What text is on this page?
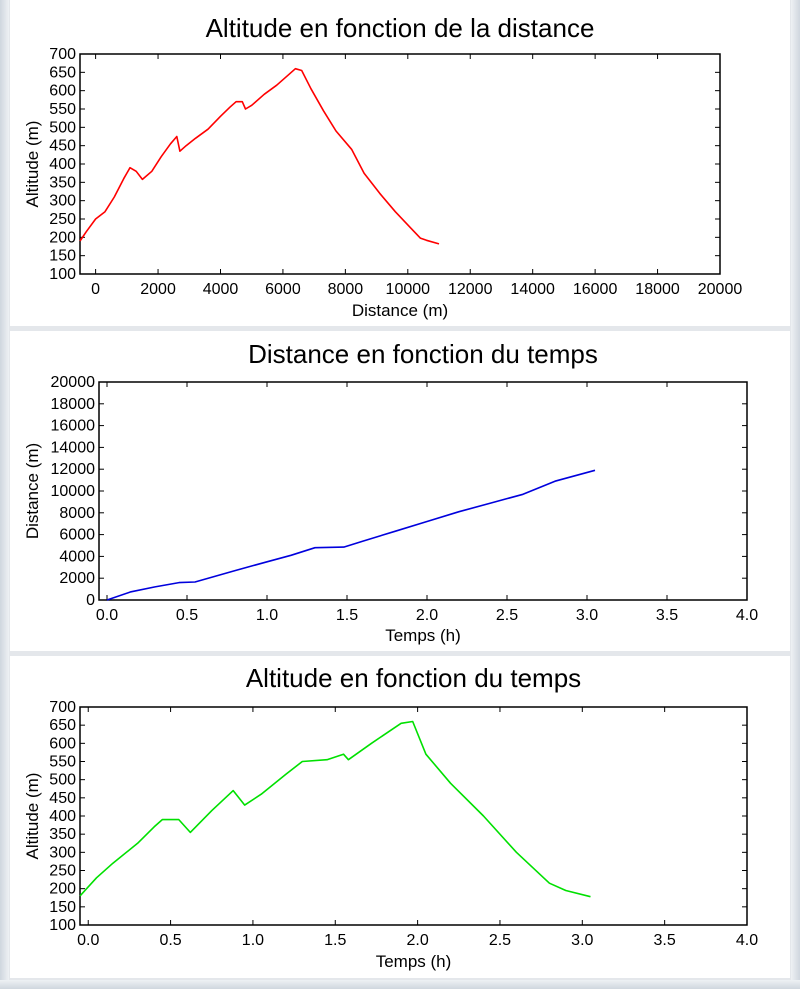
Altitude en fonction de la distance
0	2000 4000 6000 8000 10000 12000 14000 16000 18000 20000
100
150
200
250
300
350
400
450
500
550
600
650
700
Distance (m)
Altitude (m)
Distance en fonction du temps
0.0	0.5	1.0	1.5	2.0	2.5	3.0	3.5	4.0
0
2000
4000
6000
8000
10000
12000
14000
16000
18000
20000
Temps (h)
Distance (m)
Altitude en fonction du temps
0.0	0.5	1.0	1.5	2.0	2.5	3.0	3.5	4.0
100
150
200
250
300
350
400
450
500
550
600
650
700
Temps (h)
Altitude (m)
